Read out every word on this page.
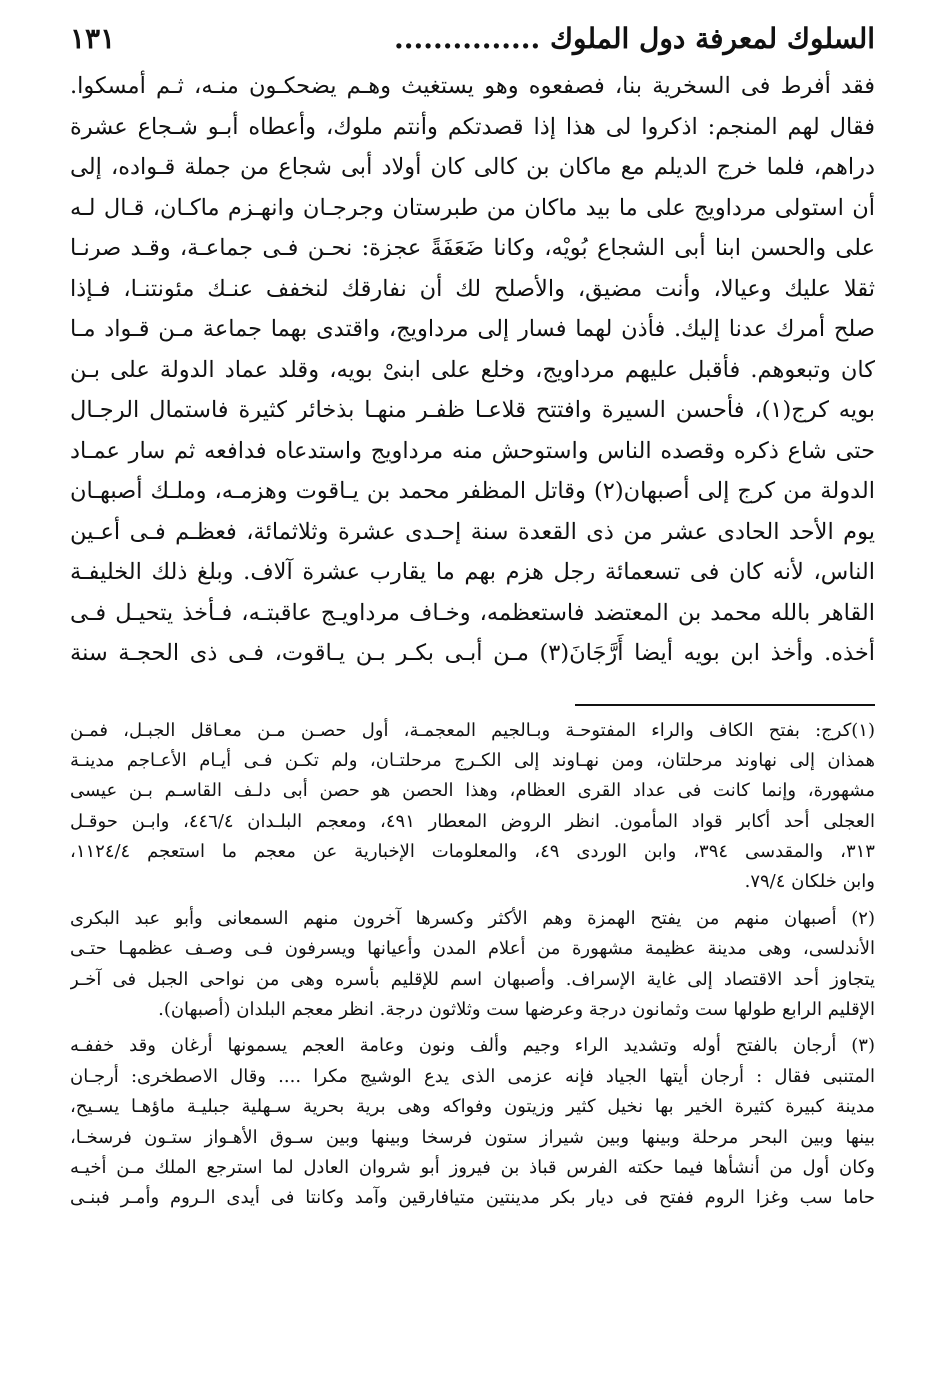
السلوك لمعرفة دول الملوك ...............
١٣١
فقد أفرط فى السخرية بنا، فصفعوه وهو يستغيث وهـم يضحكـون منـه، ثـم أمسكوا.
فقال لهم المنجم: اذكروا لى هذا إذا قصدتكم وأنتم ملوك، وأعطاه أبـو شـجاع عشرة
دراهم، فلما خرج الديلم مع ماكان بن كالى كان أولاد أبى شجاع من جملة قـواده، إلى
أن استولى مرداويج على ما بيد ماكان من طبرستان وجرجـان وانهـزم ماكـان، قـال لـه
على والحسن ابنا أبى الشجاع بُويْه، وكانا ضَعَفَةً عجزة: نحـن فـى جماعـة، وقـد صرنـا
ثقلا عليك وعيالا، وأنت مضيق، والأصلح لك أن نفارقك لنخفف عنـك مئونتنـا، فـإذا
صلح أمرك عدنا إليك. فأذن لهما فسار إلى مرداويج، واقتدى بهما جماعة مـن قـواد مـا
كان وتبعوهم. فأقبل عليهم مرداويج، وخلع على ابنىْ بويه، وقلد عماد الدولة على بـن
بويه كرج(١)، فأحسن السيرة وافتتح قلاعـا ظفـر منهـا بذخائر كثيرة فاستمال الرجـال
حتى شاع ذكره وقصده الناس واستوحش منه مرداويج واستدعاه فدافعه ثم سار عمـاد
الدولة من كرج إلى أصبهان(٢) وقاتل المظفر محمد بن يـاقوت وهزمـه، وملـك أصبهـان
يوم الأحد الحادى عشر من ذى القعدة سنة إحـدى عشرة وثلاثمائة، فعظـم فـى أعـين
الناس، لأنه كان فى تسعمائة رجل هزم بهم ما يقارب عشرة آلاف. وبلغ ذلك الخليفـة
القاهر بالله محمد بن المعتضد فاستعظمه، وخـاف مرداويـج عاقبتـه، فـأخذ يتحيـل فـى
أخذه. وأخذ ابن بويه أيضا أَرَّجَانَ(٣) مـن أبـى بكـر بـن يـاقوت، فـى ذى الحجـة سنة
(١)كرج: بفتح الكاف والراء المفتوحـة وبـالجيم المعجمـة، أول حصـن مـن معـاقل الجبـل، فمـن
همذان إلى نهاوند مرحلتان، ومن نهـاوند إلى الكـرج مرحلتـان، ولم تكـن فـى أيـام الأعـاجم مدينـة
مشهورة، وإنما كانت فى عداد القرى العظام، وهذا الحصن هو حصن أبى دلـف القاسـم بـن عيسى
العجلى أحد أكابر قواد المأمون. انظر الروض المعطار ٤٩١، ومعجم البلـدان ٤٤٦/٤، وابـن حوقـل
٣١٣، والمقدسى ٣٩٤، وابن الوردى ٤٩، والمعلومات الإخبارية عن معجم ما استعجم ١١٢٤/٤،
وابن خلكان ٧٩/٤.
(٢) أصبهان منهم من يفتح الهمزة وهم الأكثر وكسرها آخرون منهم السمعانى وأبو عبد البكرى
الأندلسى، وهى مدينة عظيمة مشهورة من أعلام المدن وأعيانها ويسرفون فـى وصـف عظمهـا حتـى
يتجاوز أحد الاقتصاد إلى غاية الإسراف. وأصبهان اسم للإقليم بأسره وهى من نواحى الجبل فى آخـر
الإقليم الرابع طولها ست وثمانون درجة وعرضها ست وثلاثون درجة. انظر معجم البلدان (أصبهان).
(٣) أرجان بالفتح أوله وتشديد الراء وجيم وألف ونون وعامة العجم يسمونها أرغان وقد خففـه
المتنبى فقال : أرجان أيتها الجياد فإنه عزمى الذى يدع الوشيج مكرا .... وقال الاصطخرى: أرجـان
مدينة كبيرة كثيرة الخير بها نخيل كثير وزيتون وفواكه وهى برية بحرية سـهلية جبليـة ماؤهـا يسـيح،
بينها وبين البحر مرحلة وبينها وبين شيراز ستون فرسخا وبينها وبين سـوق الأهـواز ستـون فرسخـا،
وكان أول من أنشأها فيما حكته الفرس قباذ بن فيروز أبو شروان العادل لما استرجع الملك مـن أخيـه
حاما سب وغزا الروم ففتح فى ديار بكر مدينتين متيافارقين وآمد وكانتا فى أيدى الـروم وأمـر فبنـى
